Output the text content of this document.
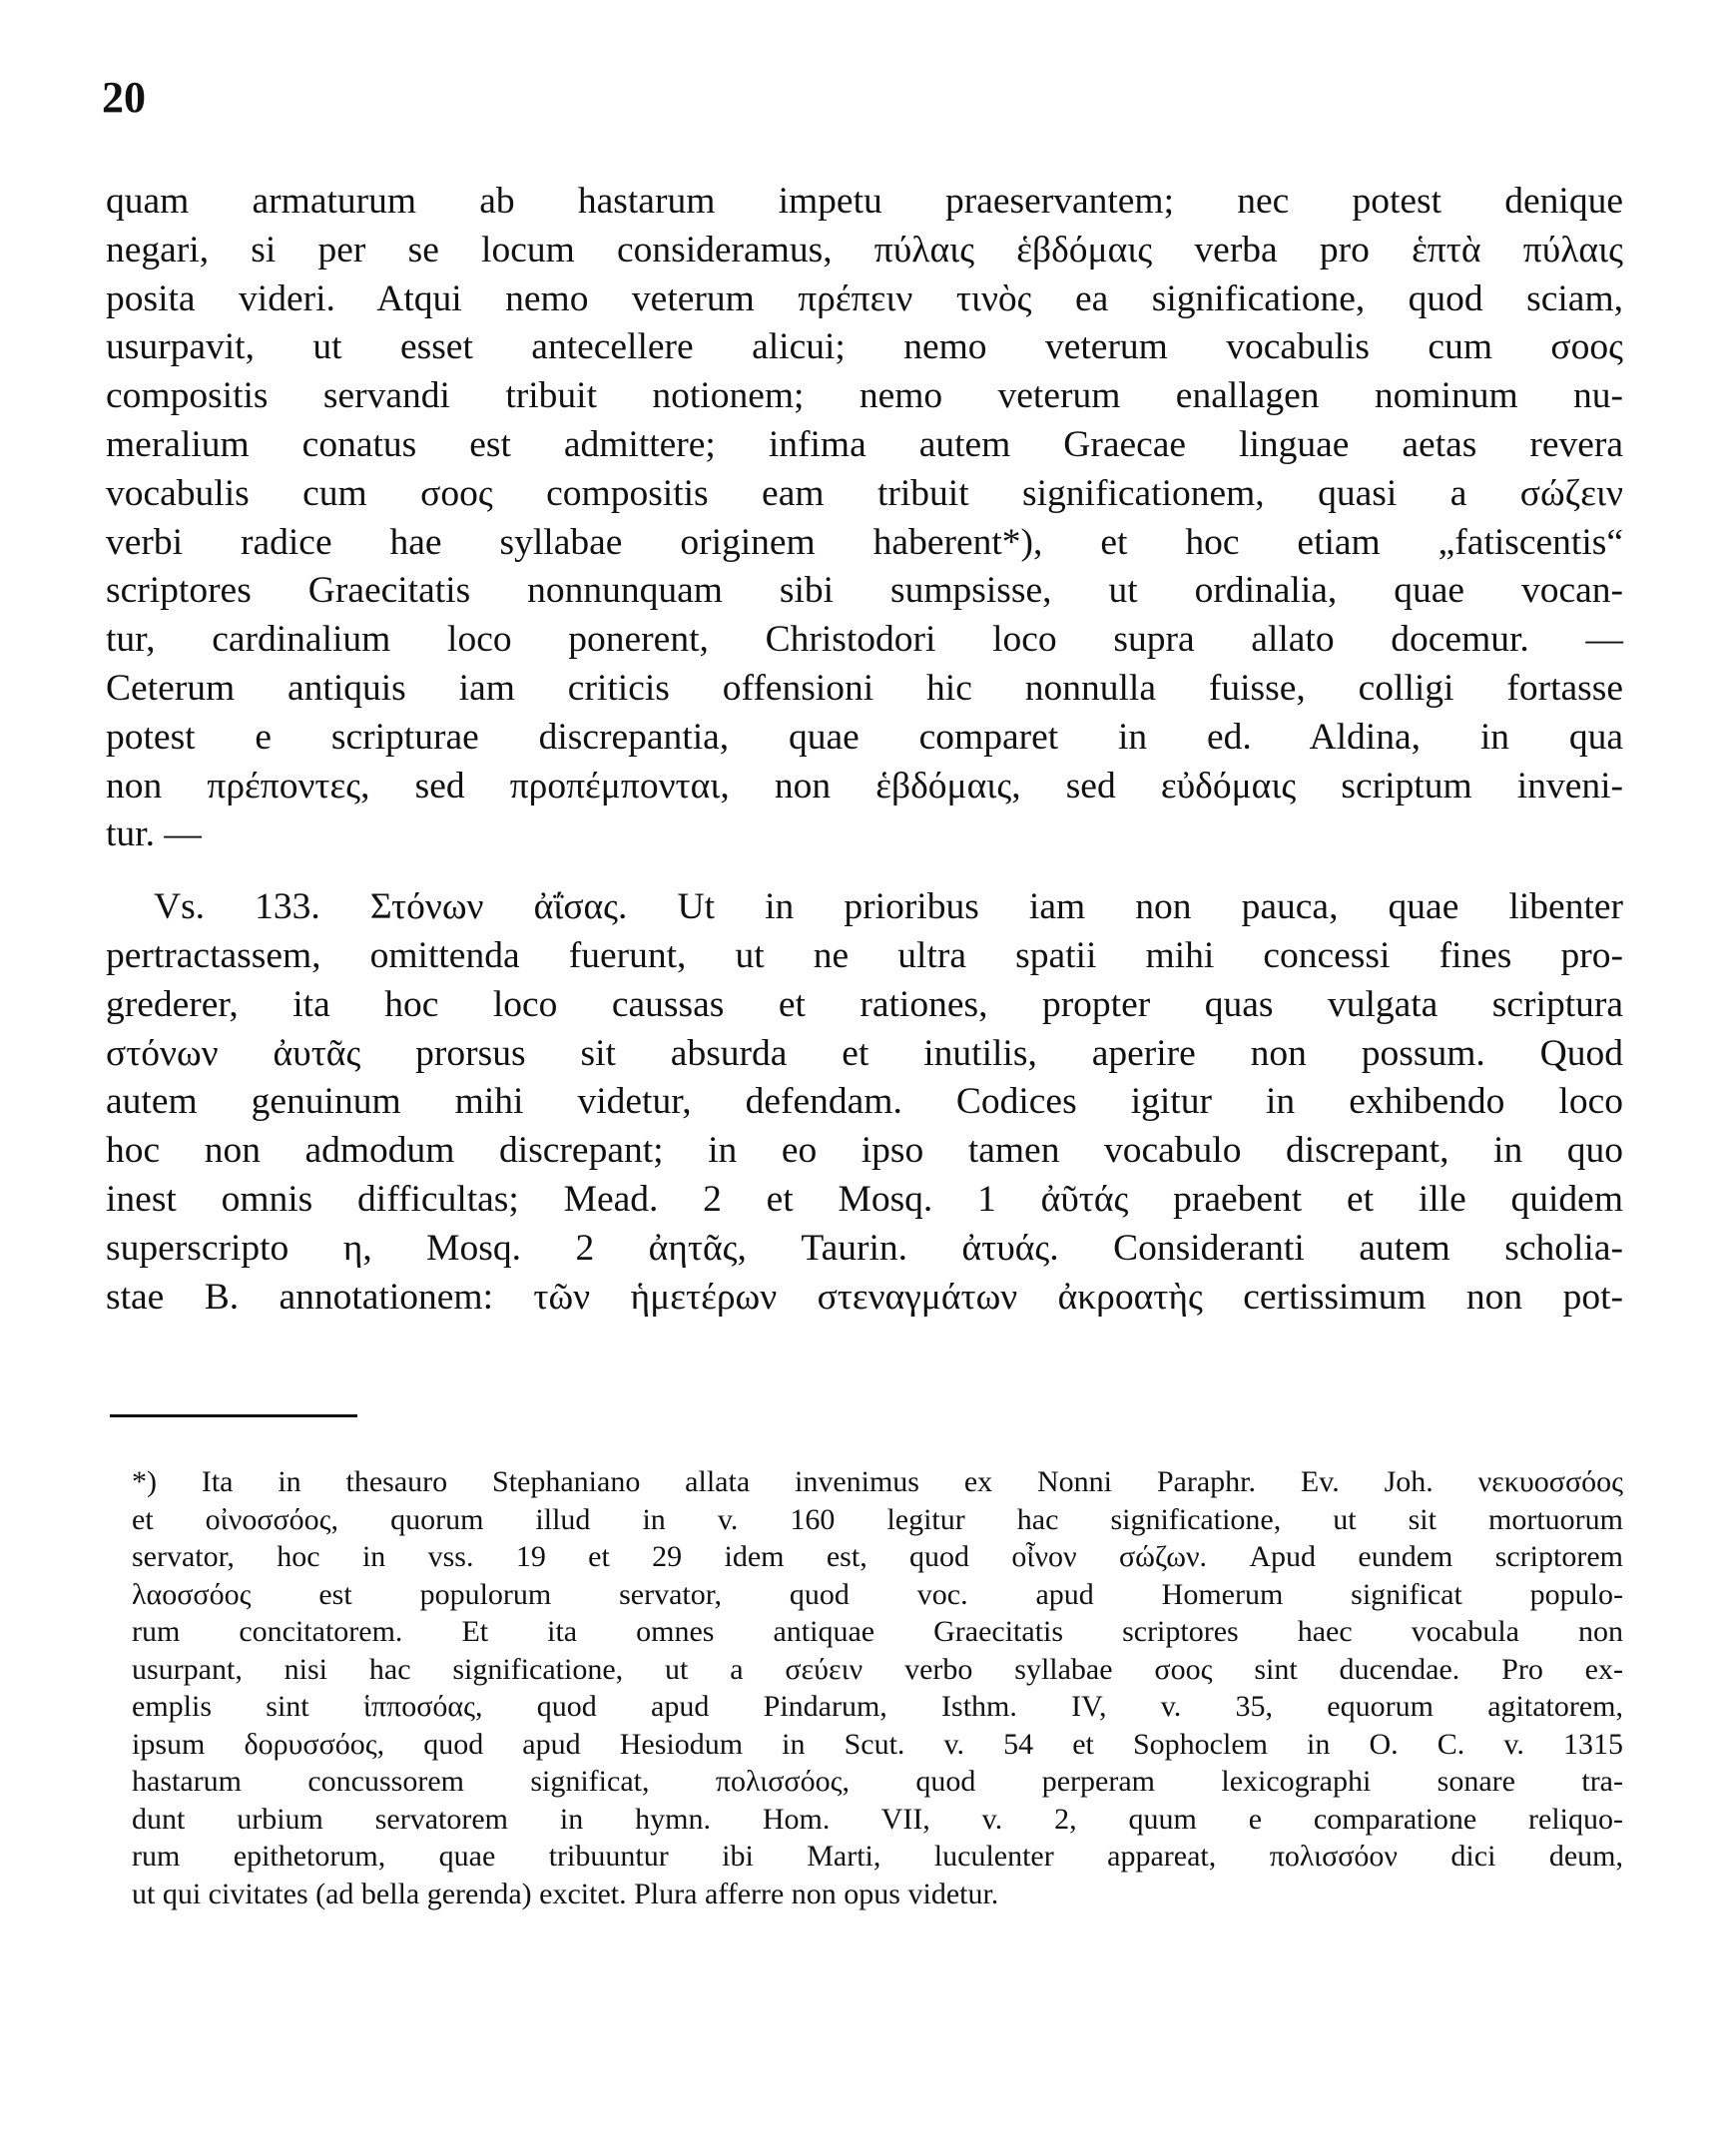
20
quam armaturum ab hastarum impetu praeservantem; nec potest denique
negari, si per se locum consideramus, πύλαις ἑβδόμαις verba pro ἑπτὰ πύλαις
posita videri. Atqui nemo veterum πρέπειν τινὸς ea significatione, quod sciam,
usurpavit, ut esset antecellere alicui; nemo veterum vocabulis cum σοος
compositis servandi tribuit notionem; nemo veterum enallagen nominum nu-
meralium conatus est admittere; infima autem Graecae linguae aetas revera
vocabulis cum σοος compositis eam tribuit significationem, quasi a σώζειν
verbi radice hae syllabae originem haberent*), et hoc etiam „fatiscentis“
scriptores Graecitatis nonnunquam sibi sumpsisse, ut ordinalia, quae vocan-
tur, cardinalium loco ponerent, Christodori loco supra allato docemur. —
Ceterum antiquis iam criticis offensioni hic nonnulla fuisse, colligi fortasse
potest e scripturae discrepantia, quae comparet in ed. Aldina, in qua
non πρέποντες, sed προπέμπονται, non ἑβδόμαις, sed εὐδόμαις scriptum inveni-
tur. —
Vs. 133. Στόνων ἀΐσας. Ut in prioribus iam non pauca, quae libenter
pertractassem, omittenda fuerunt, ut ne ultra spatii mihi concessi fines pro-
grederer, ita hoc loco caussas et rationes, propter quas vulgata scriptura
στόνων ἀυτᾶς prorsus sit absurda et inutilis, aperire non possum. Quod
autem genuinum mihi videtur, defendam. Codices igitur in exhibendo loco
hoc non admodum discrepant; in eo ipso tamen vocabulo discrepant, in quo
inest omnis difficultas; Mead. 2 et Mosq. 1 ἀῦτάς praebent et ille quidem
superscripto η, Mosq. 2 ἀητᾶς, Taurin. ἀτυάς. Consideranti autem scholia-
stae B. annotationem: τῶν ἡμετέρων στεναγμάτων ἀκροατὴς certissimum non pot-
*) Ita in thesauro Stephaniano allata invenimus ex Nonni Paraphr. Ev. Joh. νεκυοσσόος
et οἰνοσσόος, quorum illud in v. 160 legitur hac significatione, ut sit mortuorum
servator, hoc in vss. 19 et 29 idem est, quod οἶνον σώζων. Apud eundem scriptorem
λαοσσόος est populorum servator, quod voc. apud Homerum significat populo-
rum concitatorem. Et ita omnes antiquae Graecitatis scriptores haec vocabula non
usurpant, nisi hac significatione, ut a σεύειν verbo syllabae σοος sint ducendae. Pro ex-
emplis sint ἱπποσόας, quod apud Pindarum, Isthm. IV, v. 35, equorum agitatorem,
ipsum δορυσσόος, quod apud Hesiodum in Scut. v. 54 et Sophoclem in O. C. v. 1315
hastarum concussorem significat, πολισσόος, quod perperam lexicographi sonare tra-
dunt urbium servatorem in hymn. Hom. VII, v. 2, quum e comparatione reliquo-
rum epithetorum, quae tribuuntur ibi Marti, luculenter appareat, πολισσόον dici deum,
ut qui civitates (ad bella gerenda) excitet. Plura afferre non opus videtur.
